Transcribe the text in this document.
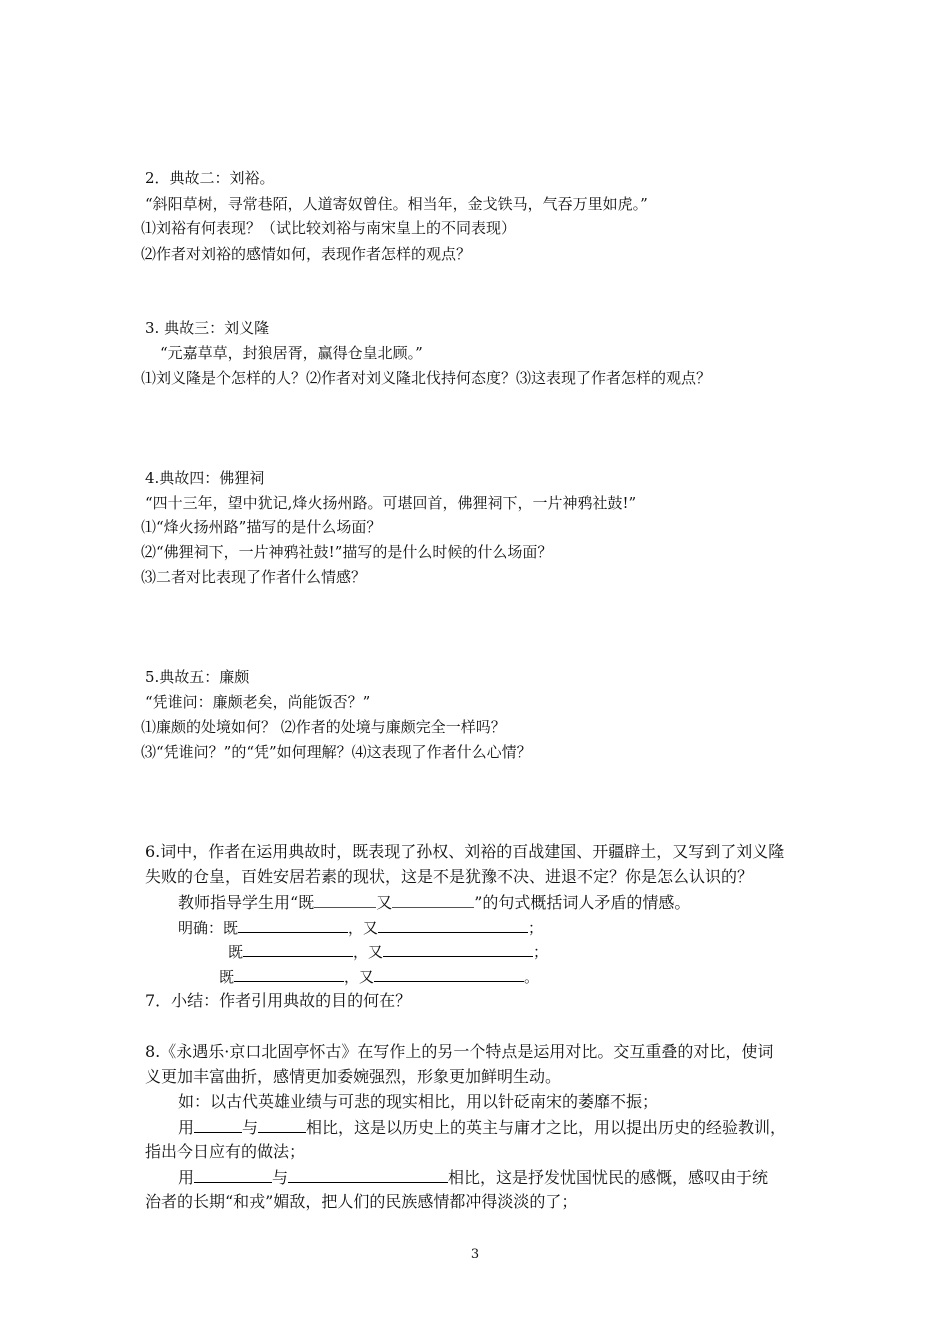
2．典故二：刘裕。
“斜阳草树，寻常巷陌，人道寄奴曾住。相当年，金戈铁马，气吞万里如虎。”
⑴刘裕有何表现？（试比较刘裕与南宋皇上的不同表现）
⑵作者对刘裕的感情如何，表现作者怎样的观点？
3. 典故三：刘义隆
“元嘉草草，封狼居胥，赢得仓皇北顾。”
⑴刘义隆是个怎样的人？⑵作者对刘义隆北伐持何态度？⑶这表现了作者怎样的观点？
4.典故四：佛狸祠
“四十三年，望中犹记,烽火扬州路。可堪回首，佛狸祠下，一片神鸦社鼓!”
⑴“烽火扬州路”描写的是什么场面？
⑵“佛狸祠下，一片神鸦社鼓!”描写的是什么时候的什么场面？
⑶二者对比表现了作者什么情感？
5.典故五：廉颇
“凭谁问：廉颇老矣，尚能饭否？”
⑴廉颇的处境如何？ ⑵作者的处境与廉颇完全一样吗？
⑶“凭谁问？”的“凭”如何理解？⑷这表现了作者什么心情？
6.词中，作者在运用典故时，既表现了孙权、刘裕的百战建国、开疆辟土，又写到了刘义隆
失败的仓皇，百姓安居若素的现状，这是不是犹豫不决、进退不定？你是怎么认识的？
教师指导学生用“既	又	”的句式概括词人矛盾的情感。
明确：既	，又	；
既	，又	；
既	，又	。
7．小结：作者引用典故的目的何在？
8.《永遇乐·京口北固亭怀古》在写作上的另一个特点是运用对比。交互重叠的对比，使词
义更加丰富曲折，感情更加委婉强烈，形象更加鲜明生动。
如：以古代英雄业绩与可悲的现实相比，用以针砭南宋的萎靡不振；
用	与	相比，这是以历史上的英主与庸才之比，用以提出历史的经验教训，
指出今日应有的做法；
用	与	相比，这是抒发忧国忧民的感慨，感叹由于统
治者的长期“和戎”媚敌，把人们的民族感情都冲得淡淡的了；
3
